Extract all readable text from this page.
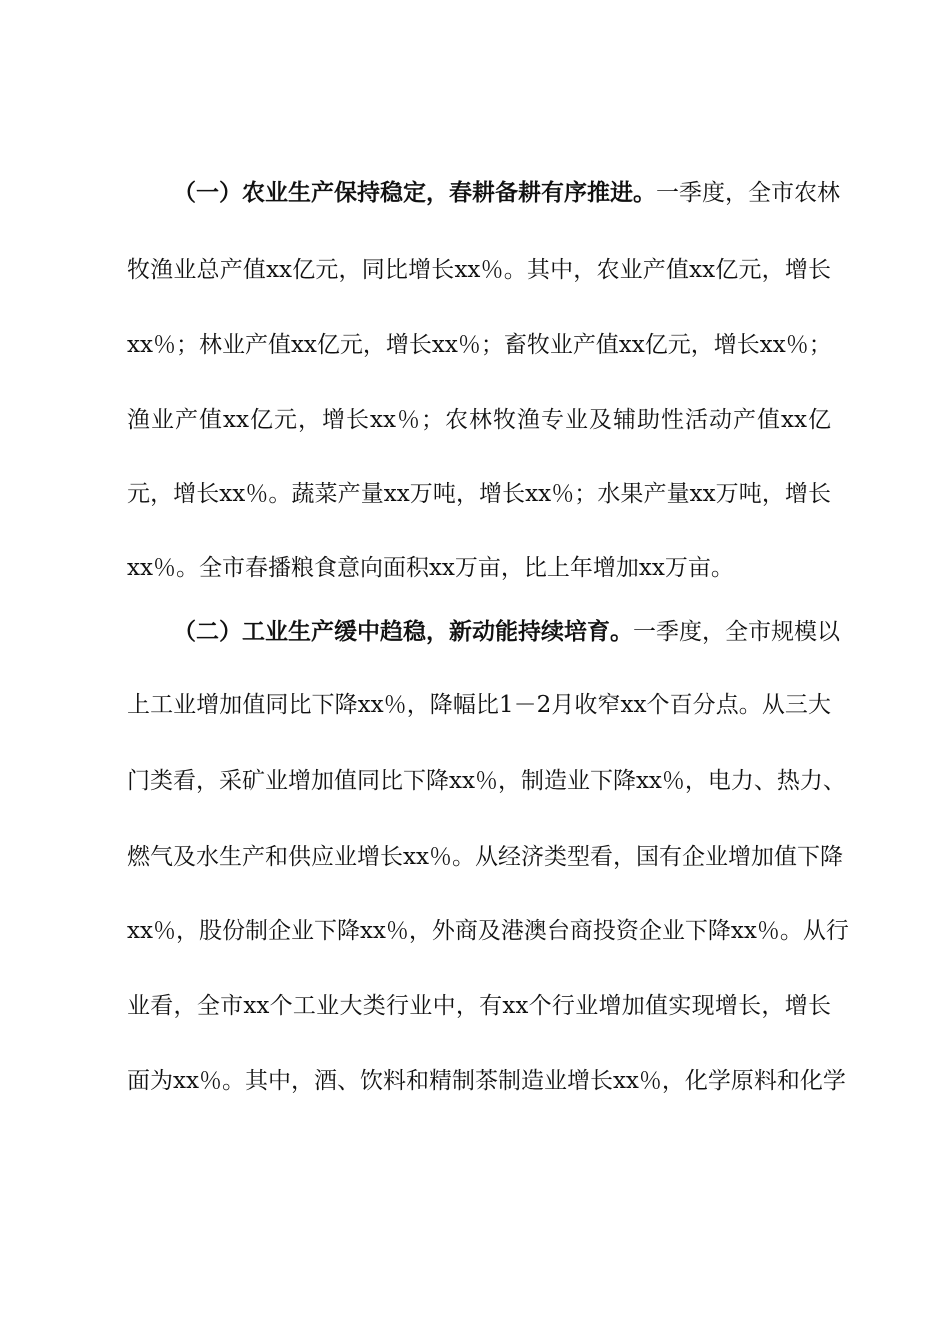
（一）农业生产保持稳定，春耕备耕有序推进。一季度，全市农林
牧渔业总产值xx亿元，同比增长xx％。其中，农业产值xx亿元，增长
xx％；林业产值xx亿元，增长xx％；畜牧业产值xx亿元，增长xx％；
渔业产值xx亿元，增长xx％；农林牧渔专业及辅助性活动产值xx亿
元，增长xx％。蔬菜产量xx万吨，增长xx％；水果产量xx万吨，增长
xx％。全市春播粮食意向面积xx万亩，比上年增加xx万亩。
（二）工业生产缓中趋稳，新动能持续培育。一季度，全市规模以
上工业增加值同比下降xx％，降幅比1－2月收窄xx个百分点。从三大
门类看，采矿业增加值同比下降xx％，制造业下降xx％，电力、热力、
燃气及水生产和供应业增长xx％。从经济类型看，国有企业增加值下降
xx％，股份制企业下降xx％，外商及港澳台商投资企业下降xx％。从行
业看，全市xx个工业大类行业中，有xx个行业增加值实现增长，增长
面为xx％。其中，酒、饮料和精制茶制造业增长xx％，化学原料和化学
